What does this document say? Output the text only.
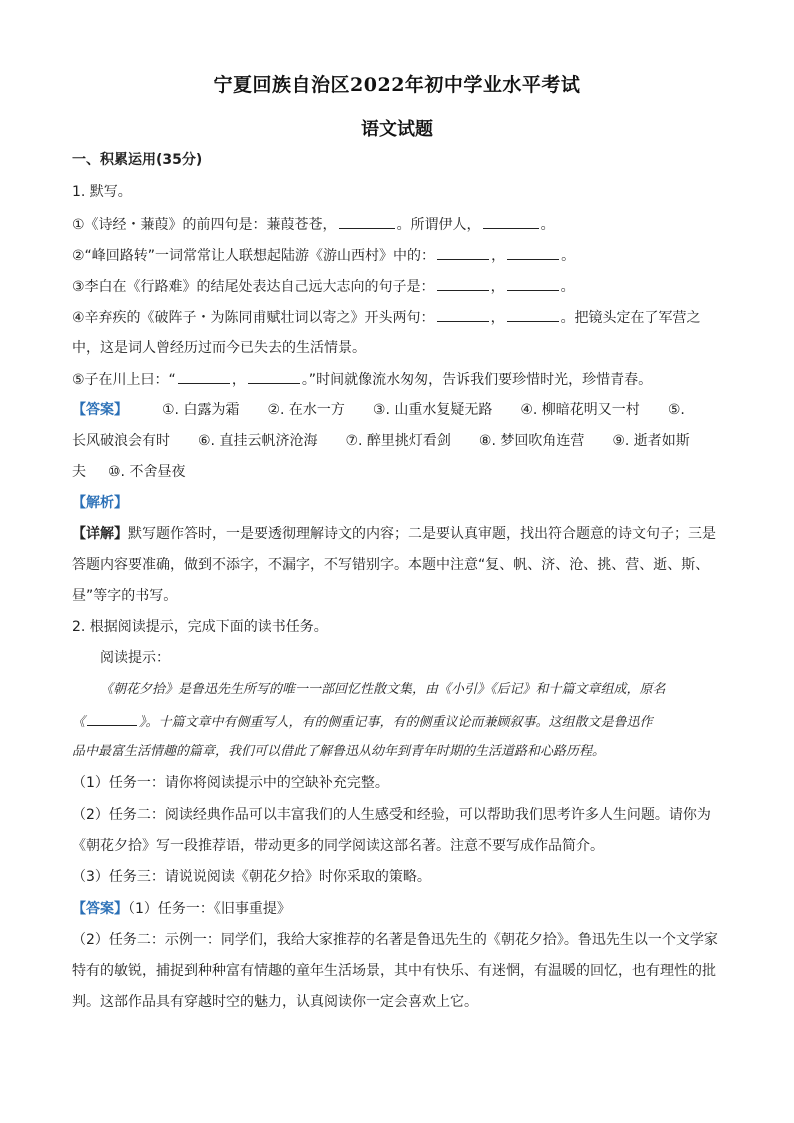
宁夏回族自治区2022年初中学业水平考试
语文试题
一、积累运用(35分)
1. 默写。
①《诗经・蒹葭》的前四句是：蒹葭苍苍，	。所谓伊人，	。
②“峰回路转”一词常常让人联想起陆游《游山西村》中的：	，	。
③李白在《行路难》的结尾处表达自己远大志向的句子是：	，	。
④辛弃疾的《破阵子・为陈同甫赋壮词以寄之》开头两句：	，	。把镜头定在了军营之
中，这是词人曾经历过而今已失去的生活情景。
⑤子在川上曰：“	，	。”时间就像流水匆匆，告诉我们要珍惜时光，珍惜青春。
【答案】 ①. 白露为霜 ②. 在水一方 ③. 山重水复疑无路 ④. 柳暗花明又一村 ⑤.
长风破浪会有时 ⑥. 直挂云帆济沧海 ⑦. 醉里挑灯看剑 ⑧. 梦回吹角连营 ⑨. 逝者如斯
夫 ⑩. 不舍昼夜
【解析】
【详解】默写题作答时，一是要透彻理解诗文的内容；二是要认真审题，找出符合题意的诗文句子；三是
答题内容要准确，做到不添字，不漏字，不写错别字。本题中注意“复、帆、济、沧、挑、营、逝、斯、
昼”等字的书写。
2. 根据阅读提示，完成下面的读书任务。
阅读提示：
《朝花夕拾》是鲁迅先生所写的唯一一部回忆性散文集，由《小引》《后记》和十篇文章组成，原名
《	》。十篇文章中有侧重写人，有的侧重记事，有的侧重议论而兼顾叙事。这组散文是鲁迅作
品中最富生活情趣的篇章，我们可以借此了解鲁迅从幼年到青年时期的生活道路和心路历程。
（1）任务一：请你将阅读提示中的空缺补充完整。
（2）任务二：阅读经典作品可以丰富我们的人生感受和经验，可以帮助我们思考许多人生问题。请你为
《朝花夕拾》写一段推荐语，带动更多的同学阅读这部名著。注意不要写成作品简介。
（3）任务三：请说说阅读《朝花夕拾》时你采取的策略。
【答案】（1）任务一：《旧事重提》
（2）任务二：示例一：同学们，我给大家推荐的名著是鲁迅先生的《朝花夕拾》。鲁迅先生以一个文学家
特有的敏锐，捕捉到种种富有情趣的童年生活场景，其中有快乐、有迷惘，有温暖的回忆，也有理性的批
判。这部作品具有穿越时空的魅力，认真阅读你一定会喜欢上它。
